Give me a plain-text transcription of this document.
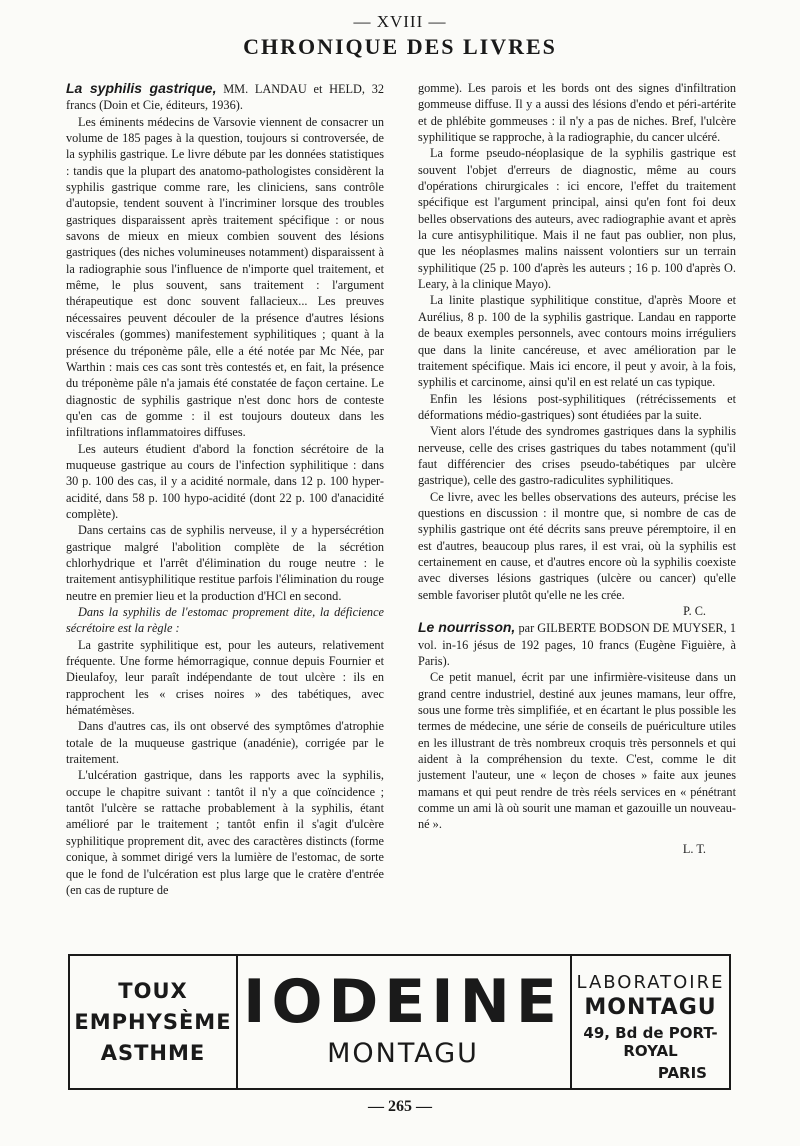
— XVIII —
CHRONIQUE DES LIVRES

La syphilis gastrique, MM. LANDAU et HELD, 32 francs (Doin et Cie, éditeurs, 1936).

Les éminents médecins de Varsovie viennent de consacrer un volume de 185 pages à la question, toujours si controversée, de la syphilis gastrique. Le livre débute par les données statistiques : tandis que la plupart des anatomo-pathologistes considèrent la syphilis gastrique comme rare, les cliniciens, sans contrôle d'autopsie, tendent souvent à l'incriminer lorsque des troubles gastriques disparaissent après traitement spécifique : or nous savons de mieux en mieux combien souvent des lésions gastriques (des niches volumineuses notamment) disparaissent à la radiographie sous l'influence de n'importe quel traitement, et même, le plus souvent, sans traitement : l'argument thérapeutique est donc souvent fallacieux... Les preuves nécessaires peuvent découler de la présence d'autres lésions viscérales (gommes) manifestement syphilitiques ; quant à la présence du tréponème pâle, elle a été notée par Mc Née, par Warthin : mais ces cas sont très contestés et, en fait, la présence du tréponème pâle n'a jamais été constatée de façon certaine. Le diagnostic de syphilis gastrique n'est donc hors de conteste qu'en cas de gomme : il est toujours douteux dans les infiltrations inflammatoires diffuses.

Les auteurs étudient d'abord la fonction sécrétoire de la muqueuse gastrique au cours de l'infection syphilitique : dans 30 p. 100 des cas, il y a acidité normale, dans 12 p. 100 hyper-acidité, dans 58 p. 100 hypo-acidité (dont 22 p. 100 d'anacidité complète).

Dans certains cas de syphilis nerveuse, il y a hypersécrétion gastrique malgré l'abolition complète de la sécrétion chlorhydrique et l'arrêt d'élimination du rouge neutre : le traitement antisyphilitique restitue parfois l'élimination du rouge neutre en premier lieu et la production d'HCl en second.

Dans la syphilis de l'estomac proprement dite, la déficience sécrétoire est la règle :

La gastrite syphilitique est, pour les auteurs, relativement fréquente. Une forme hémorragique, connue depuis Fournier et Dieulafoy, leur paraît indépendante de tout ulcère : ils en rapprochent les « crises noires » des tabétiques, avec hématémèses.

Dans d'autres cas, ils ont observé des symptômes d'atrophie totale de la muqueuse gastrique (anadénie), corrigée par le traitement.

L'ulcération gastrique, dans les rapports avec la syphilis, occupe le chapitre suivant : tantôt il n'y a que coïncidence ; tantôt l'ulcère se rattache probablement à la syphilis, étant amélioré par le traitement ; tantôt enfin il s'agit d'ulcère syphilitique proprement dit, avec des caractères distincts (forme conique, à sommet dirigé vers la lumière de l'estomac, de sorte que le fond de l'ulcération est plus large que le cratère d'entrée (en cas de rupture de

gomme). Les parois et les bords ont des signes d'infiltration gommeuse diffuse. Il y a aussi des lésions d'endo et péri-artérite et de phlébite gommeuses : il n'y a pas de niches. Bref, l'ulcère syphilitique se rapproche, à la radiographie, du cancer ulcéré.

La forme pseudo-néoplasique de la syphilis gastrique est souvent l'objet d'erreurs de diagnostic, même au cours d'opérations chirurgicales : ici encore, l'effet du traitement spécifique est l'argument principal, ainsi qu'en font foi deux belles observations des auteurs, avec radiographie avant et après la cure antisyphilitique. Mais il ne faut pas oublier, non plus, que les néoplasmes malins naissent volontiers sur un terrain syphilitique (25 p. 100 d'après les auteurs ; 16 p. 100 d'après O. Leary, à la clinique Mayo).

La linite plastique syphilitique constitue, d'après Moore et Aurélius, 8 p. 100 de la syphilis gastrique. Landau en rapporte de beaux exemples personnels, avec contours moins irréguliers que dans la linite cancéreuse, et avec amélioration par le traitement spécifique. Mais ici encore, il peut y avoir, à la fois, syphilis et carcinome, ainsi qu'il en est relaté un cas typique.

Enfin les lésions post-syphilitiques (rétrécissements et déformations médio-gastriques) sont étudiées par la suite.

Vient alors l'étude des syndromes gastriques dans la syphilis nerveuse, celle des crises gastriques du tabes notamment (qu'il faut différencier des crises pseudo-tabétiques par ulcère gastrique), celle des gastro-radiculites syphilitiques.

Ce livre, avec les belles observations des auteurs, précise les questions en discussion : il montre que, si nombre de cas de syphilis gastrique ont été décrits sans preuve péremptoire, il en est d'autres, beaucoup plus rares, il est vrai, où la syphilis est certainement en cause, et d'autres encore où la syphilis coexiste avec diverses lésions gastriques (ulcère ou cancer) qu'elle semble favoriser plutôt qu'elle ne les crée.

P. C.

Le nourrisson, par GILBERTE BODSON DE MUYSER, 1 vol. in-16 jésus de 192 pages, 10 francs (Eugène Figuière, à Paris).

Ce petit manuel, écrit par une infirmière-visiteuse dans un grand centre industriel, destiné aux jeunes mamans, leur offre, sous une forme très simplifiée, et en écartant le plus possible les termes de médecine, une série de conseils de puériculture utiles en les illustrant de très nombreux croquis très personnels et qui aident à la compréhension du texte. C'est, comme le dit justement l'auteur, une « leçon de choses » faite aux jeunes mamans et qui peut rendre de très réels services en « pénétrant comme un ami là où sourit une maman et gazouille un nouveau-né ».

L. T.
TOUX
EMPHYSÈME
ASTHME
IODEINE
MONTAGU
LABORATOIRE
MONTAGU
49, Bd de PORT-ROYAL
PARIS
— 265 —
